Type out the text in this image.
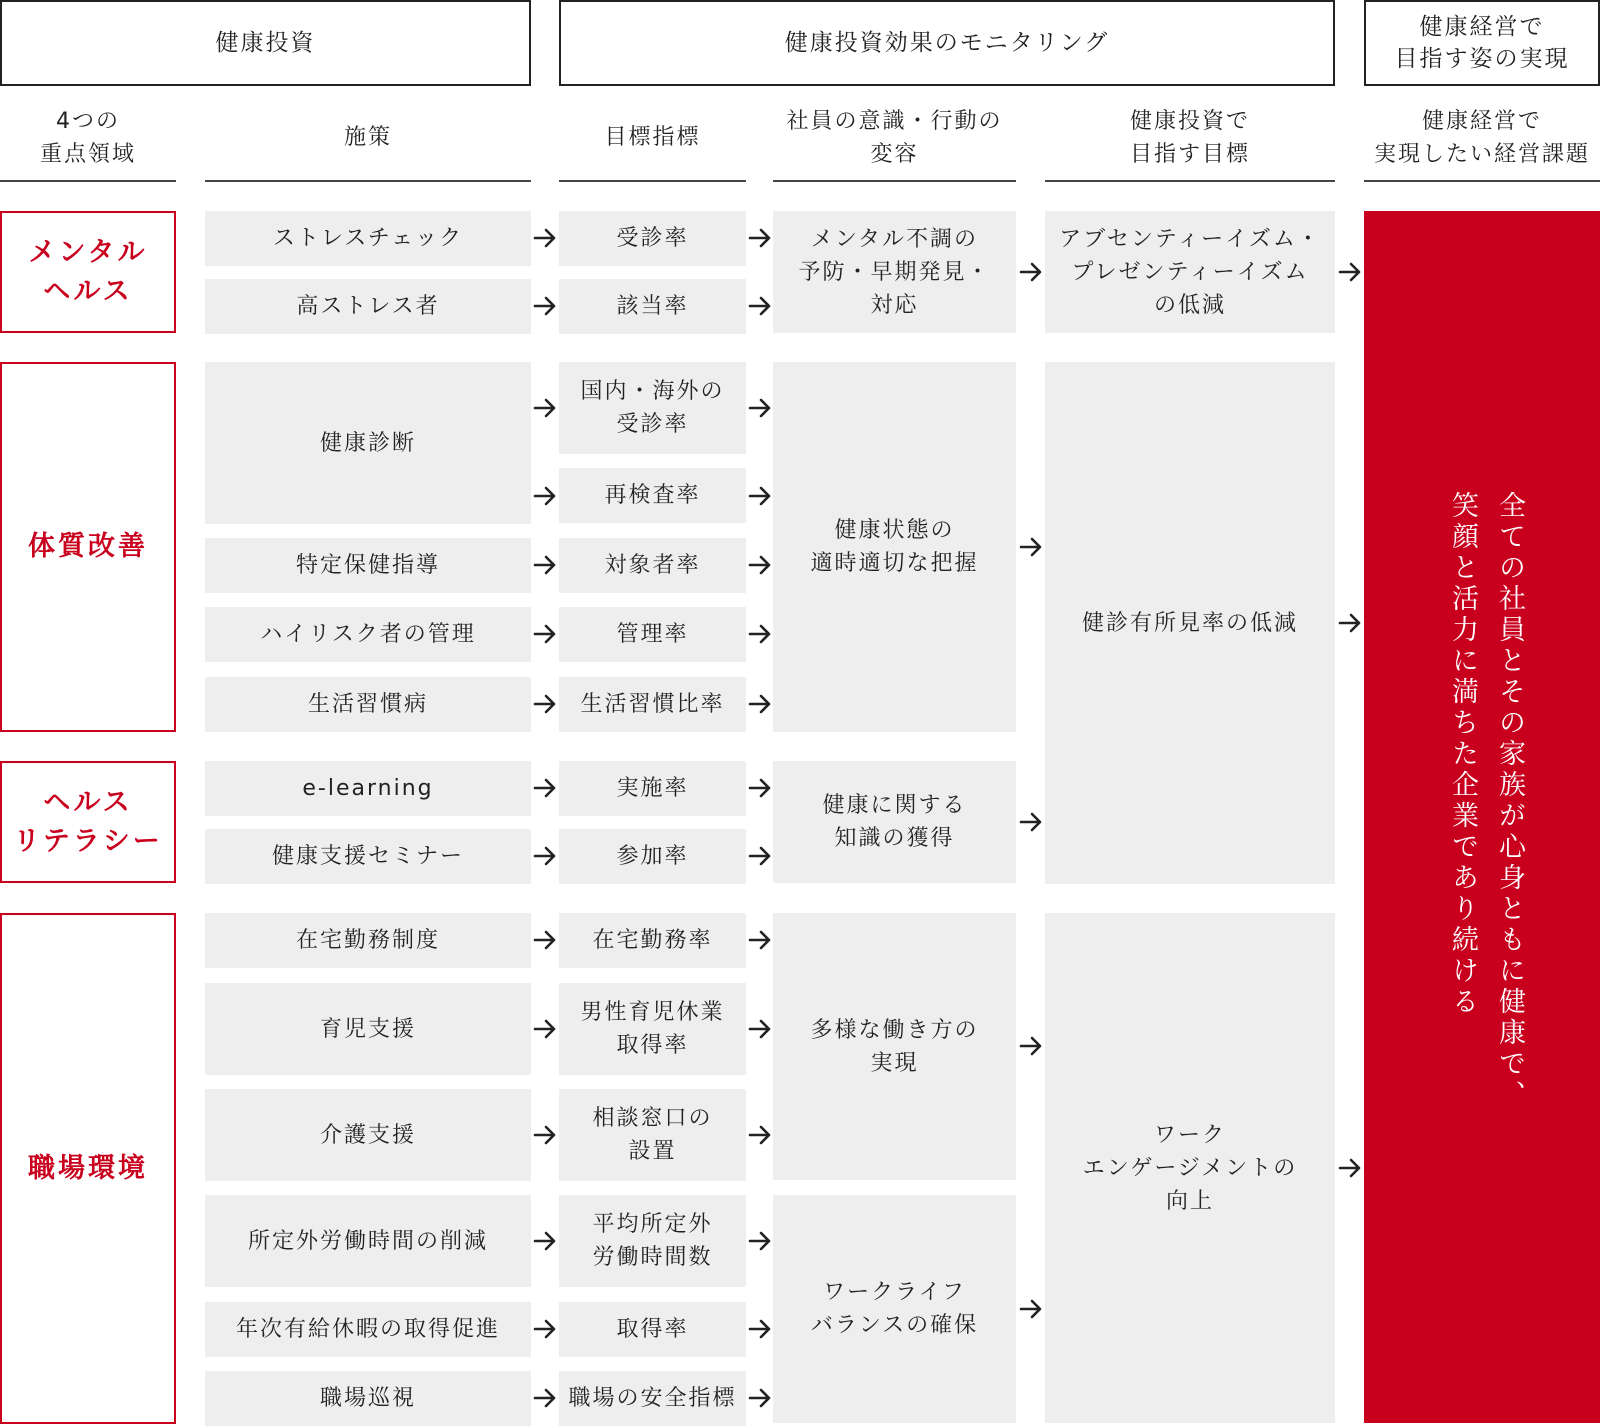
健康投資	健康投資効果のモニタリング
健康経営で
目指す姿の実現
4つの
重点領域
施策	目標指標
社員の意識・行動の
変容
健康投資で
目指す目標
健康経営で
実現したい経営課題
全ての社員とその家族が心身ともに健康で、
笑顔と活力に満ちた企業であり続ける
メンタル
ヘルス
体質改善
ヘルス
リテラシー
職場環境
ストレスチェック
高ストレス者
健康診断
特定保健指導
ハイリスク者の管理
生活習慣病
e-learning
健康支援セミナー
在宅勤務制度
育児支援
介護支援
所定外労働時間の削減
年次有給休暇の取得促進
職場巡視
受診率
該当率
国内・海外の
受診率
再検査率
対象者率
管理率
生活習慣比率
実施率
参加率
在宅勤務率
男性育児休業
取得率
相談窓口の
設置
平均所定外
労働時間数
取得率
職場の安全指標
メンタル不調の
予防・早期発見・
対応
健康状態の
適時適切な把握
健康に関する
知識の獲得
多様な働き方の
実現
ワークライフ
バランスの確保
アブセンティーイズム・
プレゼンティーイズム
の低減
健診有所見率の低減
ワーク
エンゲージメントの
向上
